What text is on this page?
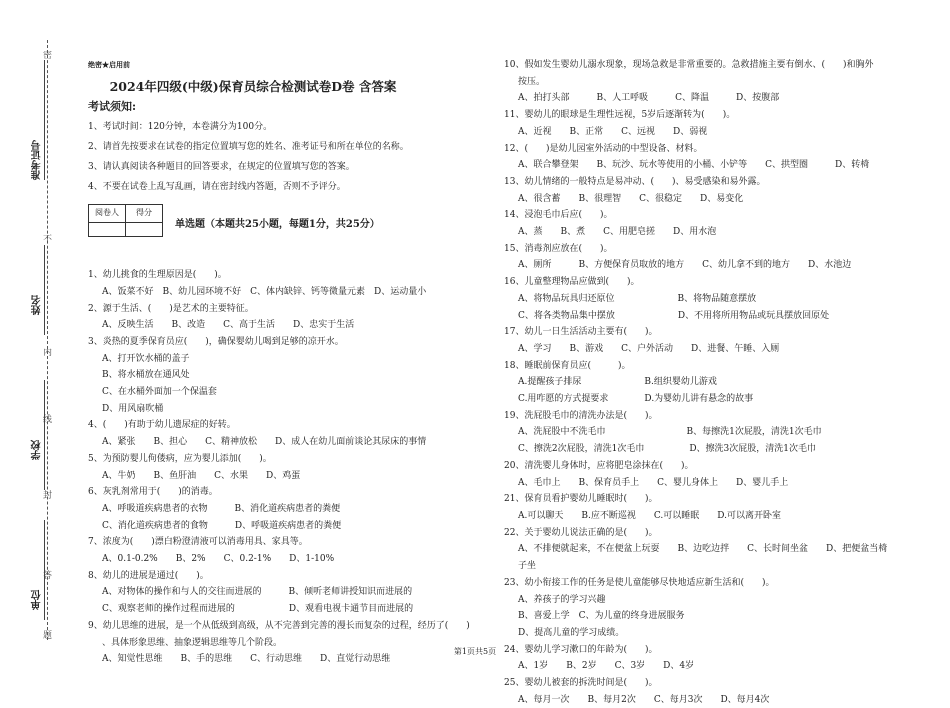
密
不
内
线
封
答
题
准考证号
姓名
学校
单位
绝密★启用前
2024年四级(中级)保育员综合检测试卷D卷 含答案
考试须知:

1、考试时间：120分钟，本卷满分为100分。

2、请首先按要求在试卷的指定位置填写您的姓名、准考证号和所在单位的名称。

3、请认真阅读各种题目的回答要求，在规定的位置填写您的答案。

4、不要在试卷上乱写乱画，请在密封线内答题，否则不予评分。

阅卷人	得分

单选题（本题共25小题，每题1分，共25分）
1、幼儿挑食的生理原因是(　　)。
A、饭菜不好　B、幼儿园环境不好　C、体内缺锌、钙等微量元素　D、运动量小
2、源于生活、(　　)是艺术的主要特征。
A、反映生活　　B、改造　　C、高于生活　　D、忠实于生活
3、炎热的夏季保育员应(　　)，确保婴幼儿喝到足够的凉开水。
A、打开饮水桶的盖子
B、将水桶放在通风处
C、在水桶外面加一个保温套
D、用风扇吹桶
4、(　　)有助于幼儿遗尿症的好转。
A、紧张　　B、担心　　C、精神放松　　D、成人在幼儿面前谈论其尿床的事情
5、为预防婴儿佝偻病，应为婴儿添加(　　)。
A、牛奶　　B、鱼肝油　　C、水果　　D、鸡蛋
6、灰乳剂常用于(　　)的消毒。
A、呼吸道疾病患者的衣物　　　B、消化道疾病患者的粪便
C、消化道疾病患者的食物　　　D、呼吸道疾病患者的粪便
7、浓度为(　　)漂白粉澄清液可以消毒用具、家具等。
A、0.1-0.2%　　B、2%　　C、0.2-1%　　D、1-10%
8、幼儿的进展是通过(　　)。
A、对物体的操作和与人的交往而进展的　　　B、倾听老师讲授知识而进展的
C、观察老师的操作过程而进展的　　　　　　D、观看电视卡通节目而进展的
9、幼儿思维的进展，是一个从低级到高级，从不完善到完善的漫长而复杂的过程，经历了(　　)
、具体形象思维、抽象逻辑思维等几个阶段。
A、知觉性思维　　B、手的思维　　C、行动思维　　D、直觉行动思维
10、假如发生婴幼儿溺水现象，现场急救是非常重要的。急救措施主要有倒水、(　　)和胸外
按压。
A、拍打头部　　　B、人工呼吸　　　C、降温　　　D、按腹部
11、婴幼儿的眼球是生理性远视，5岁后逐渐转为(　　)。
A、近视　　B、正常　　C、远视　　D、弱视
12、(　　)是幼儿园室外活动的中型设备、材料。
A、联合攀登架　　B、玩沙、玩水等使用的小桶、小铲等　　C、拱型圈　　　D、转椅
13、幼儿情绪的一般特点是易冲动、(　　)、易受感染和易外露。
A、很含蓄　　B、很理智　　C、很稳定　　D、易变化
14、浸泡毛巾后应(　　)。
A、蒸　　B、煮　　C、用肥皂搓　　D、用水泡
15、消毒剂应放在(　　)。
A、厕所　　　B、方便保育员取放的地方　　C、幼儿拿不到的地方　　D、水池边
16、儿童整理物品应做到(　　)。
A、将物品玩具归还原位　　　　　　　B、将物品随意摆放
C、将各类物品集中摆放　　　　　　　D、不用将所用物品或玩具摆放回原处
17、幼儿一日生活活动主要有(　　)。
A、学习　　B、游戏　　C、户外活动　　D、进餐、午睡、入厕
18、睡眠前保育员应(　　　)。
A.提醒孩子排尿　　　　　　　B.组织婴幼儿游戏
C.用咋愿的方式提要求　　　　D.为婴幼儿讲有悬念的故事
19、洗屁股毛巾的清洗办法是(　　)。
A、洗屁股中不洗毛巾　　　　　　　　　B、每擦洗1次屁股，清洗1次毛巾
C、擦洗2次屁股，清洗1次毛巾　　　　　D、擦洗3次屁股，清洗1次毛巾
20、清洗婴儿身体时，应将肥皂涂抹在(　　)。
A、毛巾上　　B、保育员手上　　C、婴儿身体上　　D、婴儿手上
21、保育员看护婴幼儿睡眠时(　　)。
A.可以聊天　　B.应不断巡视　　C.可以睡眠　　D.可以离开卧室
22、关于婴幼儿说法正确的是(　　)。
A、不排便就起来，不在便盆上玩耍　　B、边吃边拌　　C、长时间坐盆　　D、把便盆当椅
子坐
23、幼小衔接工作的任务是使儿童能够尽快地适应新生活和(　　)。
A、养孩子的学习兴趣
B、喜爱上学　C、为儿童的终身进展服务
D、提高儿童的学习成绩。
24、婴幼儿学习漱口的年龄为(　　)。
A、1岁　　B、2岁　　C、3岁　　D、4岁
25、婴幼儿被套的拆洗时间是(　　)。
A、每月一次　　B、每月2次　　C、每月3次　　D、每月4次
第1页共5页
